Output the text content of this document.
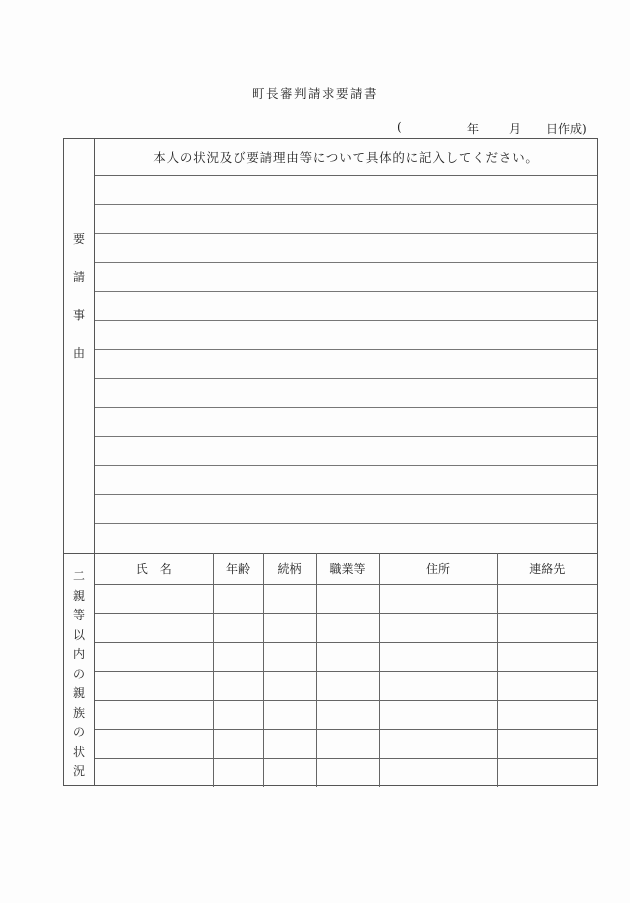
町長審判請求要請書
(	年 月 日作成)
要
請
事
由
本人の状況及び要請理由等について具体的に記入してください。
二
親
等
以
内
の
親
族
の
状
況
氏　名	年齢	続柄	職業等	住所	連絡先
